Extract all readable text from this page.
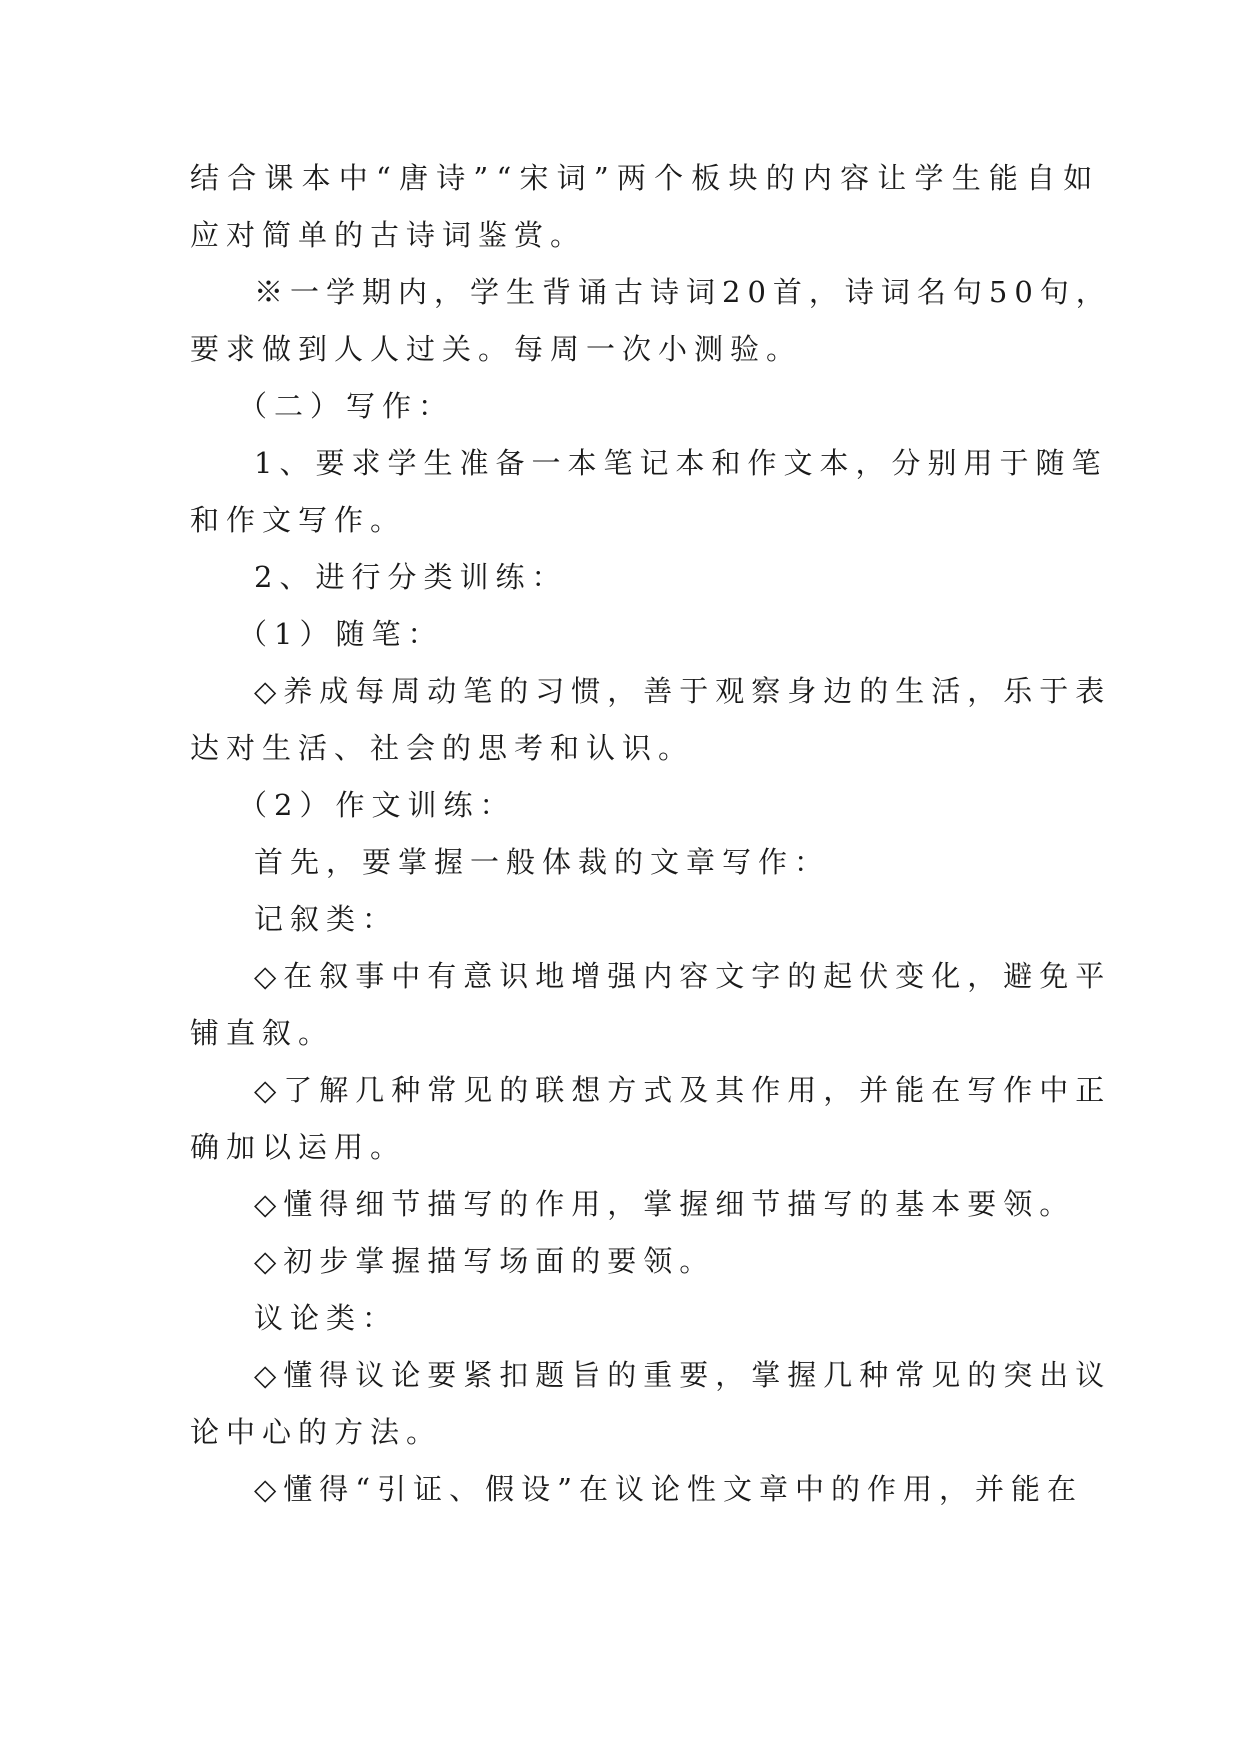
结合课本中“唐诗”“宋词”两个板块的内容让学生能自如
应对简单的古诗词鉴赏。
※一学期内，学生背诵古诗词20首，诗词名句50句，
要求做到人人过关。每周一次小测验。
（二）写作：
1、要求学生准备一本笔记本和作文本，分别用于随笔
和作文写作。
2、进行分类训练：
（1）随笔：
◇养成每周动笔的习惯，善于观察身边的生活，乐于表
达对生活、社会的思考和认识。
（2）作文训练：
首先，要掌握一般体裁的文章写作：
记叙类：
◇在叙事中有意识地增强内容文字的起伏变化，避免平
铺直叙。
◇了解几种常见的联想方式及其作用，并能在写作中正
确加以运用。
◇懂得细节描写的作用，掌握细节描写的基本要领。
◇初步掌握描写场面的要领。
议论类：
◇懂得议论要紧扣题旨的重要，掌握几种常见的突出议
论中心的方法。
◇懂得“引证、假设”在议论性文章中的作用，并能在
